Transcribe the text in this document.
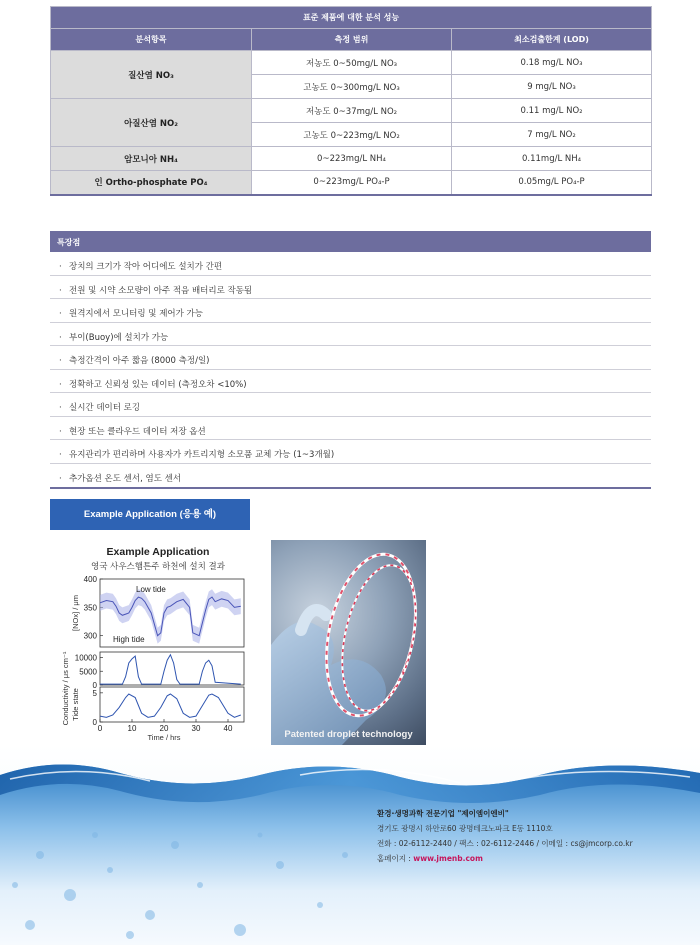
표준 제품에 대한 분석 성능		
분석항목	측정 범위	최소검출한계 (LOD)
질산염 NO₃	저농도 0~50mg/L NO₃	0.18 mg/L NO₃
	고농도 0~300mg/L NO₃	9 mg/L NO₃
아질산염 NO₂	저농도 0~37mg/L NO₂	0.11 mg/L NO₂
	고농도 0~223mg/L NO₂	7 mg/L NO₂
암모니아 NH₄	0~223mg/L NH₄	0.11mg/L NH₄
인 Ortho-phosphate PO₄	0~223mg/L PO₄-P	0.05mg/L PO₄-P
특장점
· 장치의 크기가 작아 어디에도 설치가 간편
· 전원 및 시약 소모량이 아주 적음 배터리로 작동됨
· 원격지에서 모니터링 및 제어가 가능
· 부이(Buoy)에 설치가 가능
· 측정간격이 아주 짧음 (8000 측정/일)
· 정확하고 신뢰성 있는 데이터 (측정오차 <10%)
· 실시간 데이터 로깅
· 현장 또는 클라우드 데이터 저장 옵션
· 유지관리가 편리하며 사용자가 카트리지형 소모품 교체 가능 (1~3개월)
· 추가옵션 온도 센서, 염도 센서
Example Application (응용 예)
Example Application
영국 사우스햄튼주 하천에 설치 결과
400
350
300
[NOx] / μm
Low tide
High tide
10000
5000
0
Conductivity / μs cm⁻¹	5
0
Tide state
0	10	20	30	40
Time / hrs	Patented droplet technology
환경·생명과학 전문기업 "제이엠이엔비"
경기도 광명시 하안로60 광명테크노파크 E동 1110호
전화 : 02-6112-2440 / 팩스 : 02-6112-2446 / 이메일 : cs@jmcorp.co.kr
홈페이지 : www.jmenb.com
